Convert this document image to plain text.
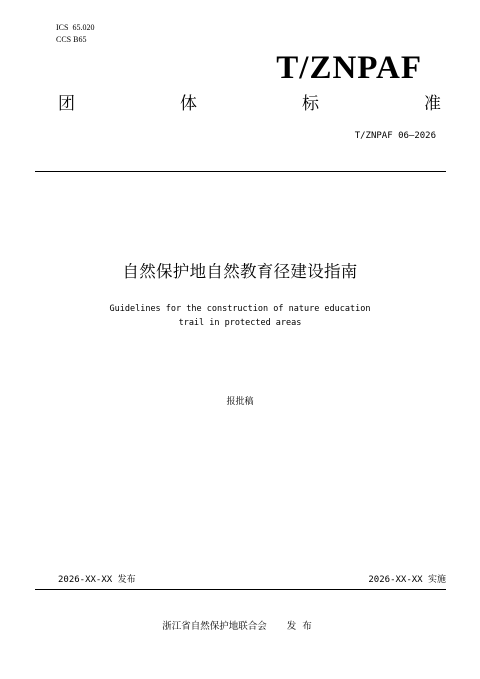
ICS 65.020
CCS B65
T/ZNPAF
团	体	标	准
T/ZNPAF 06—2026
自然保护地自然教育径建设指南
Guidelines for the construction of nature education
trail in protected areas
报批稿
2026-XX-XX 发布	2026-XX-XX 实施
浙江省自然保护地联合会 发布
